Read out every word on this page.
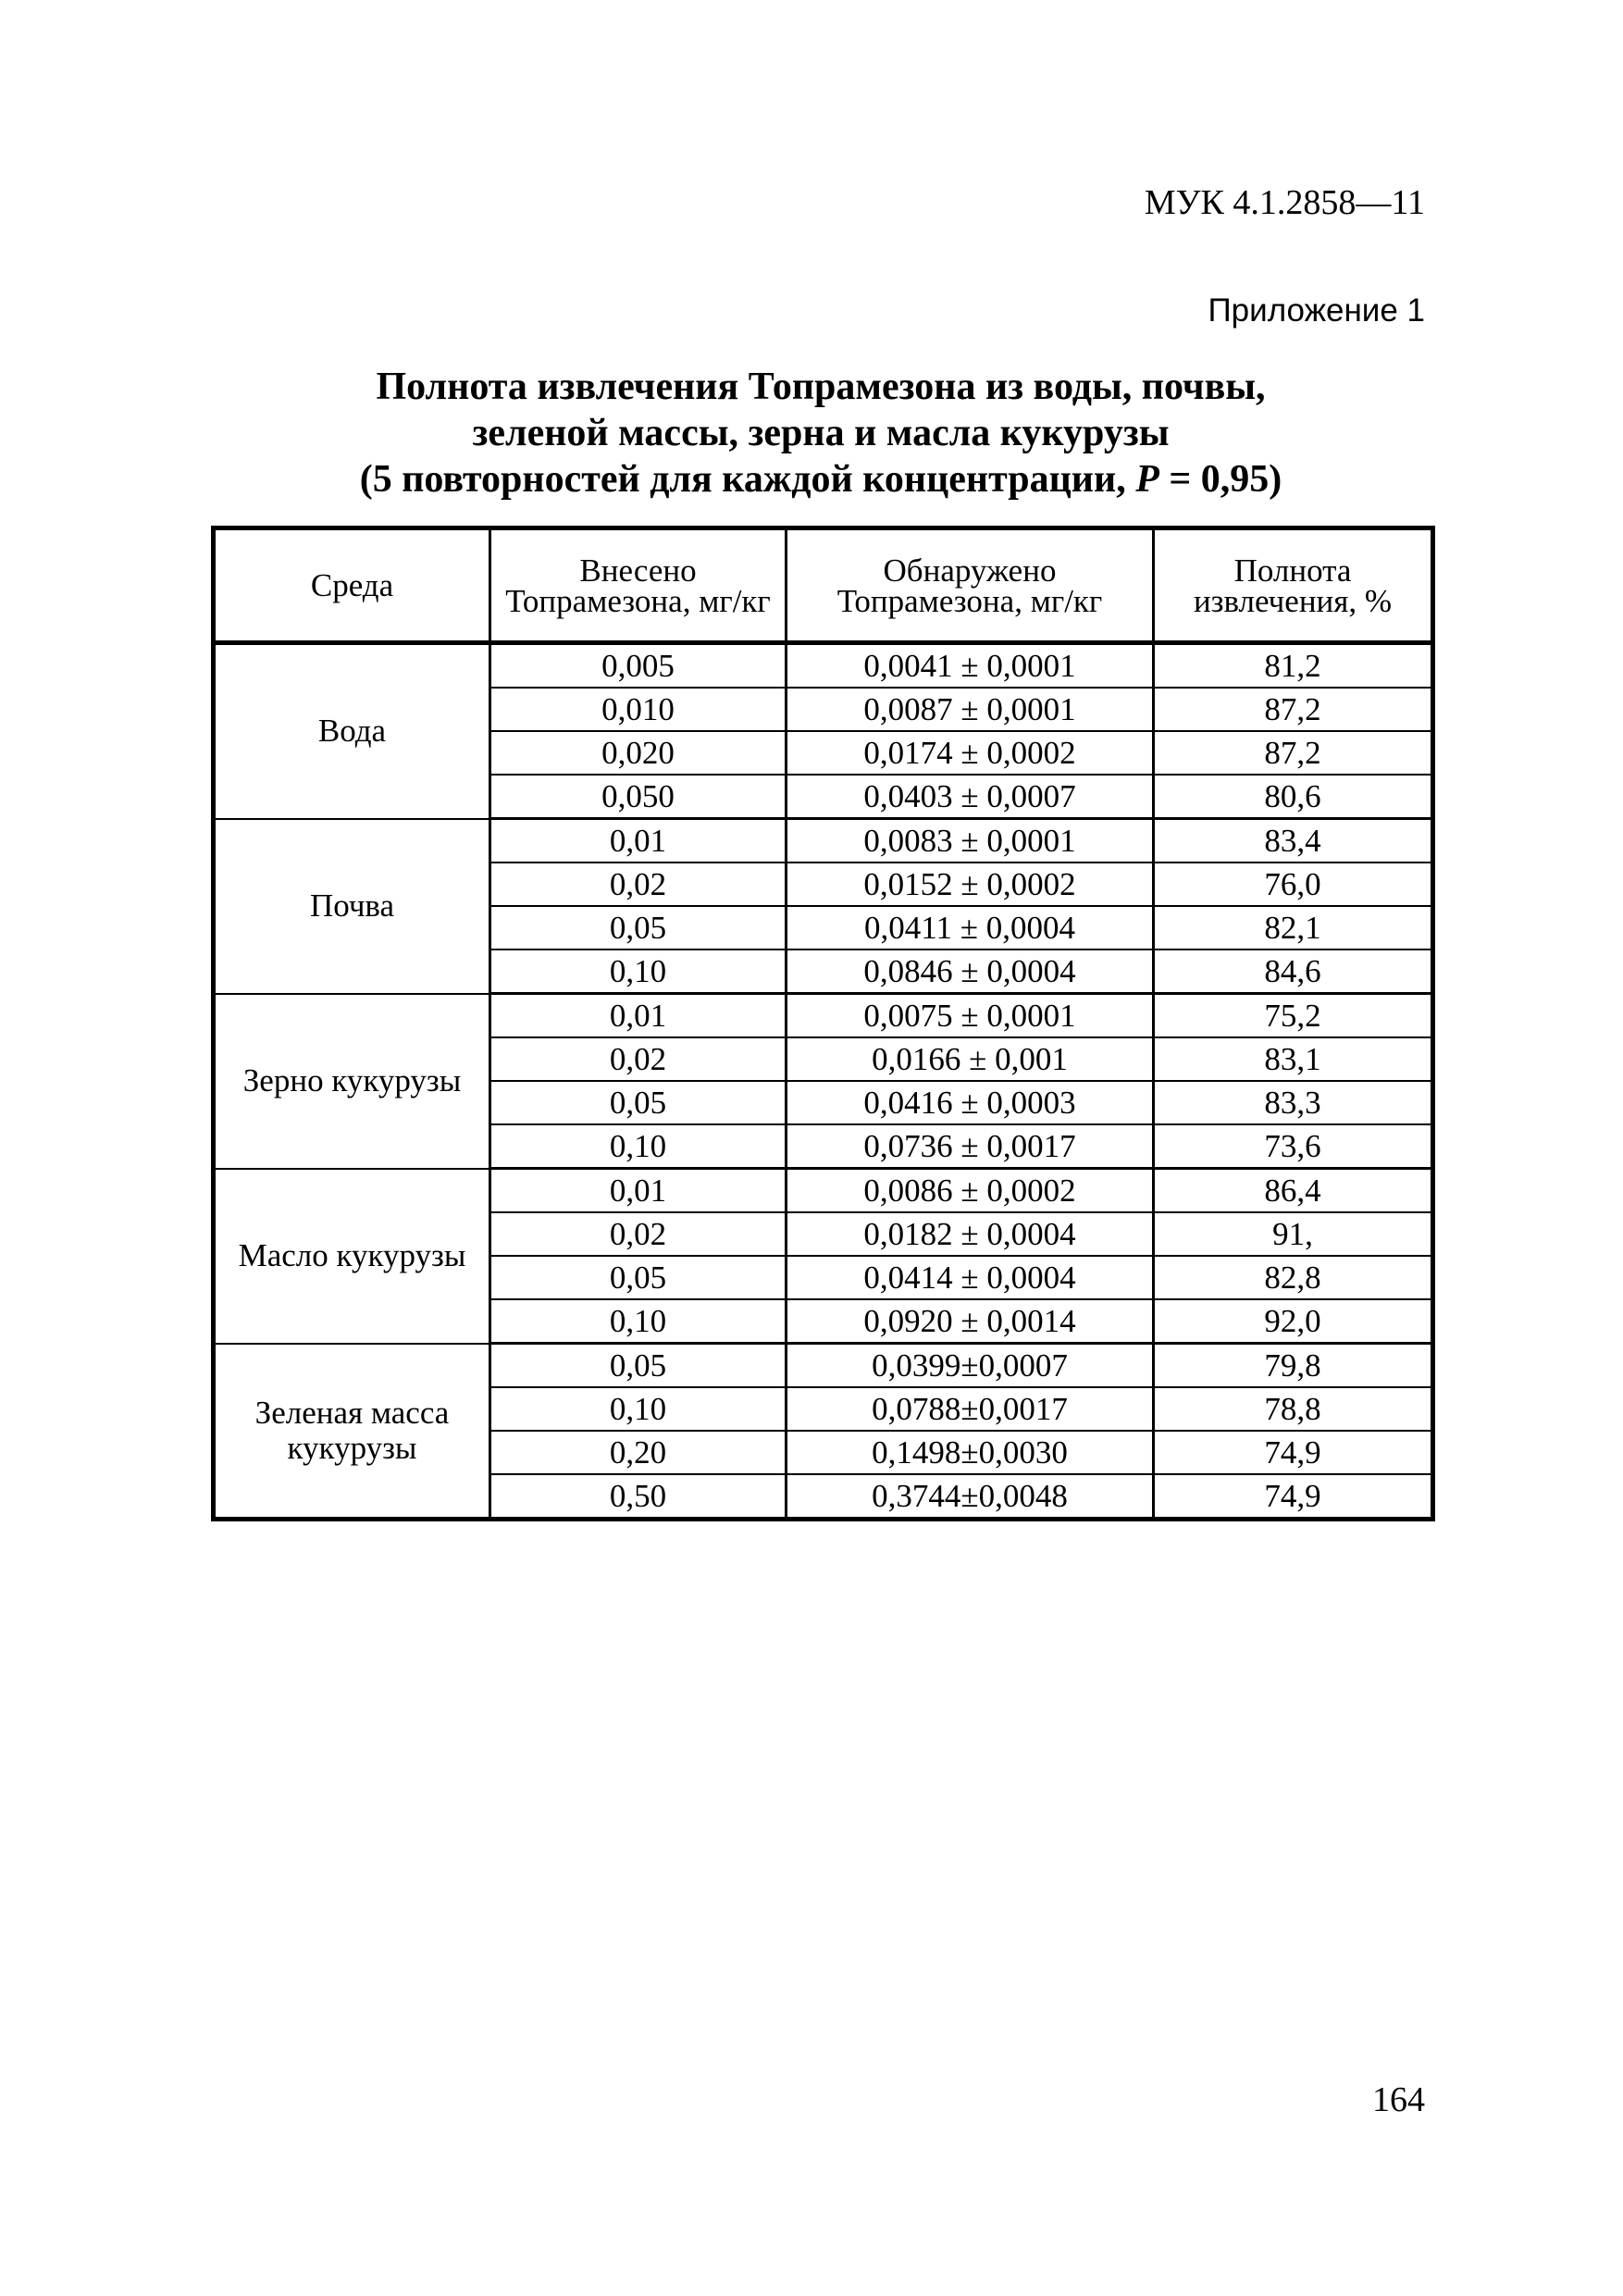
МУК 4.1.2858—11
Приложение 1
Полнота извлечения Топрамезона из воды, почвы,
зеленой массы, зерна и масла кукурузы
(5 повторностей для каждой концентрации, P = 0,95)
Среда	Внесено Топрамезона, мг/кг	Обнаружено Топрамезона, мг/кг	Полнота извлечения, %
Вода	0,005	0,0041 ± 0,0001	81,2
	0,010	0,0087 ± 0,0001	87,2
	0,020	0,0174 ± 0,0002	87,2
	0,050	0,0403 ± 0,0007	80,6
Почва	0,01	0,0083 ± 0,0001	83,4
	0,02	0,0152 ± 0,0002	76,0
	0,05	0,0411 ± 0,0004	82,1
	0,10	0,0846 ± 0,0004	84,6
Зерно кукурузы	0,01	0,0075 ± 0,0001	75,2
	0,02	0,0166 ± 0,001	83,1
	0,05	0,0416 ± 0,0003	83,3
	0,10	0,0736 ± 0,0017	73,6
Масло кукурузы	0,01	0,0086 ± 0,0002	86,4
	0,02	0,0182 ± 0,0004	91,
	0,05	0,0414 ± 0,0004	82,8
	0,10	0,0920 ± 0,0014	92,0
Зеленая масса кукурузы	0,05	0,0399±0,0007	79,8
	0,10	0,0788±0,0017	78,8
	0,20	0,1498±0,0030	74,9
	0,50	0,3744±0,0048	74,9
164
